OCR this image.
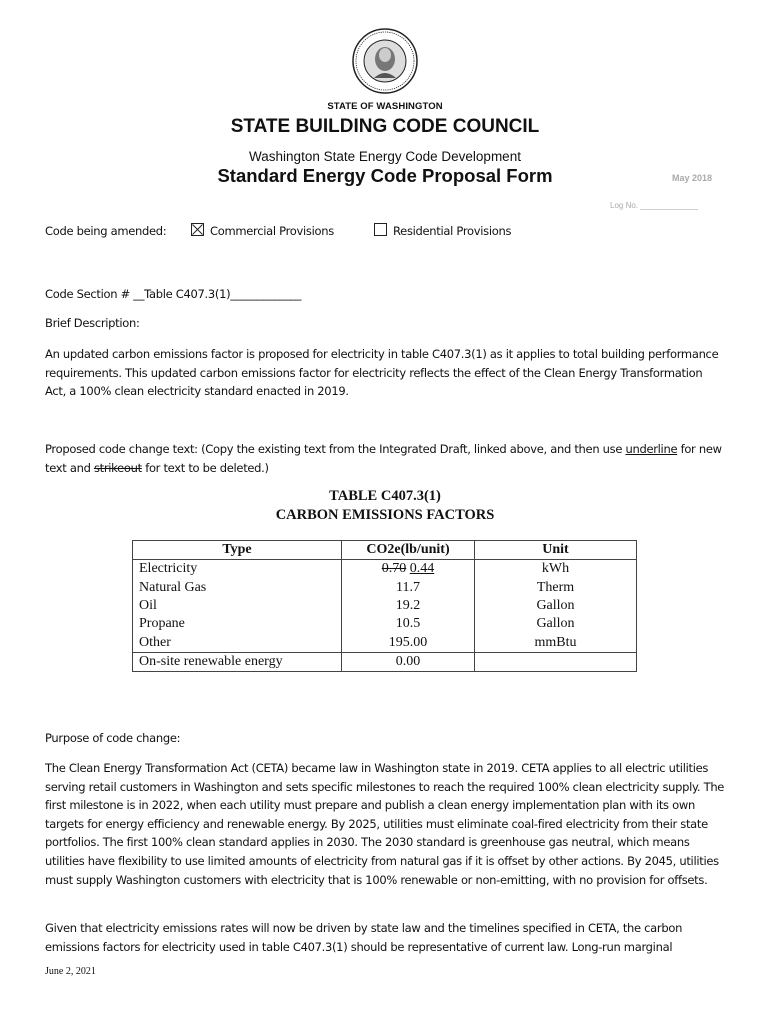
STATE OF WASHINGTON
STATE BUILDING CODE COUNCIL
Washington State Energy Code Development
Standard Energy Code Proposal Form	May 2018
Log No. _____________
Code being amended:	Commercial Provisions	Residential Provisions
Code Section # __Table C407.3(1)_____________
Brief Description:
An updated carbon emissions factor is proposed for electricity in table C407.3(1) as it applies to total building performance requirements. This updated carbon emissions factor for electricity reflects the effect of the Clean Energy Transformation Act, a 100% clean electricity standard enacted in 2019.
Proposed code change text: (Copy the existing text from the Integrated Draft, linked above, and then use underline for new text and strikeout for text to be deleted.)
TABLE C407.3(1)
CARBON EMISSIONS FACTORS
Type	CO2e(lb/unit)	Unit
Electricity	0.70 0.44	kWh
Natural Gas	11.7	Therm
Oil	19.2	Gallon
Propane	10.5	Gallon
Other	195.00	mmBtu
On-site renewable energy	0.00	
Purpose of code change:
The Clean Energy Transformation Act (CETA) became law in Washington state in 2019. CETA applies to all electric utilities serving retail customers in Washington and sets specific milestones to reach the required 100% clean electricity supply. The first milestone is in 2022, when each utility must prepare and publish a clean energy implementation plan with its own targets for energy efficiency and renewable energy. By 2025, utilities must eliminate coal-fired electricity from their state portfolios. The first 100% clean standard applies in 2030. The 2030 standard is greenhouse gas neutral, which means utilities have flexibility to use limited amounts of electricity from natural gas if it is offset by other actions. By 2045, utilities must supply Washington customers with electricity that is 100% renewable or non-emitting, with no provision for offsets.
Given that electricity emissions rates will now be driven by state law and the timelines specified in CETA, the carbon emissions factors for electricity used in table C407.3(1) should be representative of current law. Long-run marginal
June 2, 2021
